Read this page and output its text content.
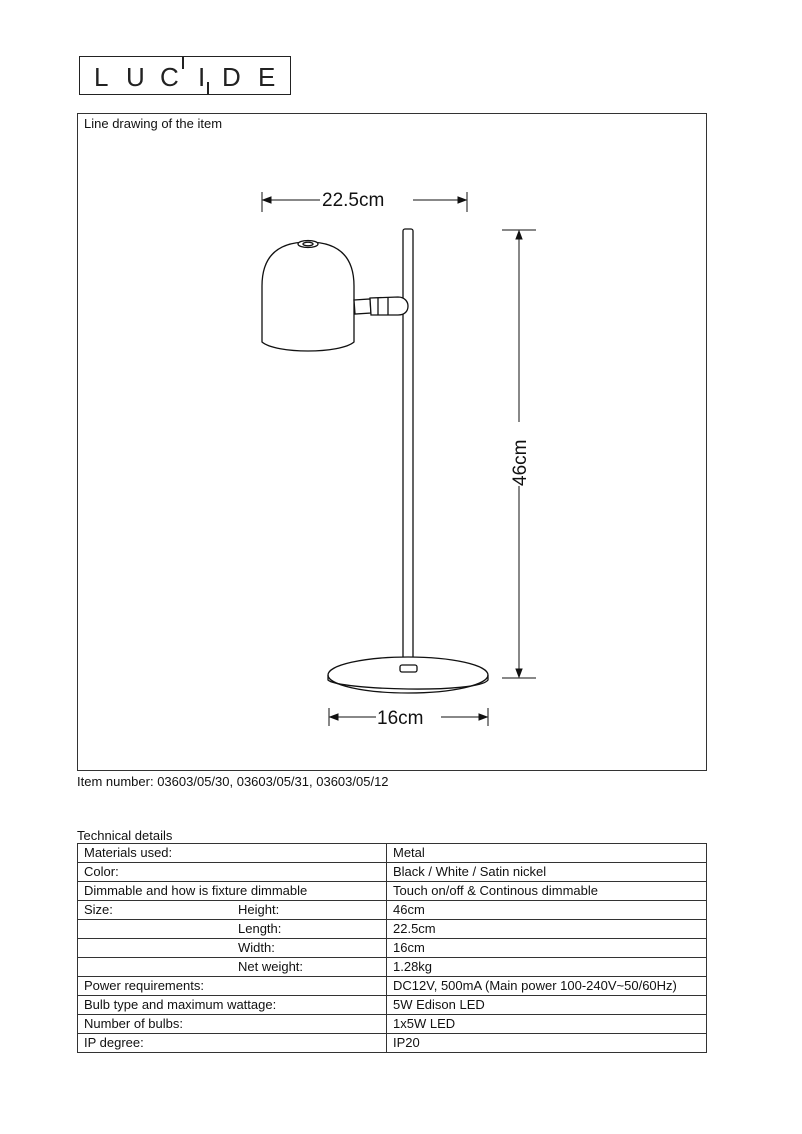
L U C I D E
Line drawing of the item
22.5cm
46cm
16cm
Item number: 03603/05/30, 03603/05/31, 03603/05/12
Technical details
Materials used:	Metal
Color:	Black / White / Satin nickel
Dimmable and how is fixture dimmable	Touch on/off & Continous dimmable
Size: Height:	46cm

Length:	22.5cm

Width:	16cm

Net weight:	1.28kg
Power requirements:	DC12V, 500mA (Main power 100-240V~50/60Hz)
Bulb type and maximum wattage:	5W Edison LED
Number of bulbs:	1x5W LED
IP degree:	IP20
